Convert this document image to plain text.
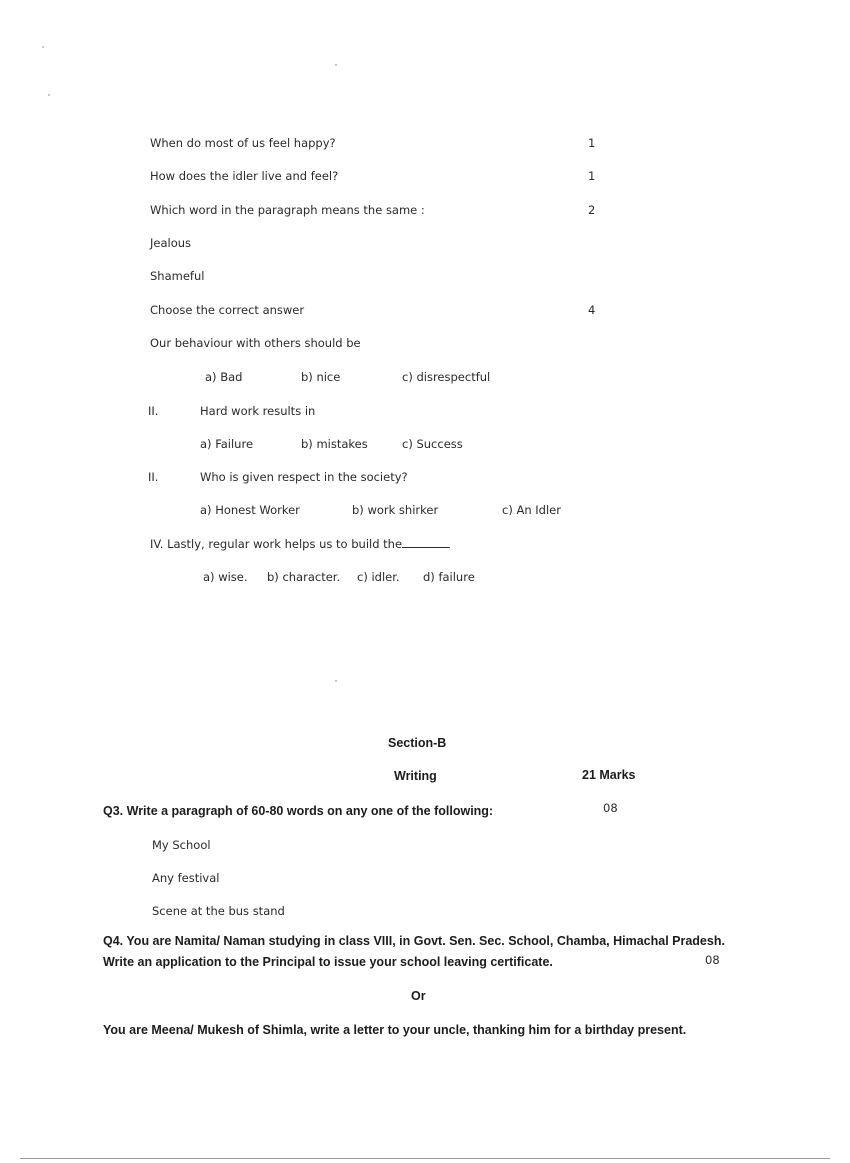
When do most of us feel happy?	1
How does the idler live and feel?	1
Which word in the paragraph means the same :	2
Jealous
Shameful
Choose the correct answer	4
Our behaviour with others should be
a) Bad	b) nice	c) disrespectful
II.	Hard work results in
a) Failure	b) mistakes	c) Success
II.	Who is given respect in the society?
a) Honest Worker	b) work shirker	c) An Idler
IV. Lastly, regular work helps us to build the
a) wise. b) character. c) idler. d) failure
Section-B
Writing	21 Marks
Q3. Write a paragraph of 60-80 words on any one of the following:	08
My School
Any festival
Scene at the bus stand
Q4. You are Namita/ Naman studying in class VIII, in Govt. Sen. Sec. School, Chamba, Himachal Pradesh.
Write an application to the Principal to issue your school leaving certificate.	08
Or
You are Meena/ Mukesh of Shimla, write a letter to your uncle, thanking him for a birthday present.
